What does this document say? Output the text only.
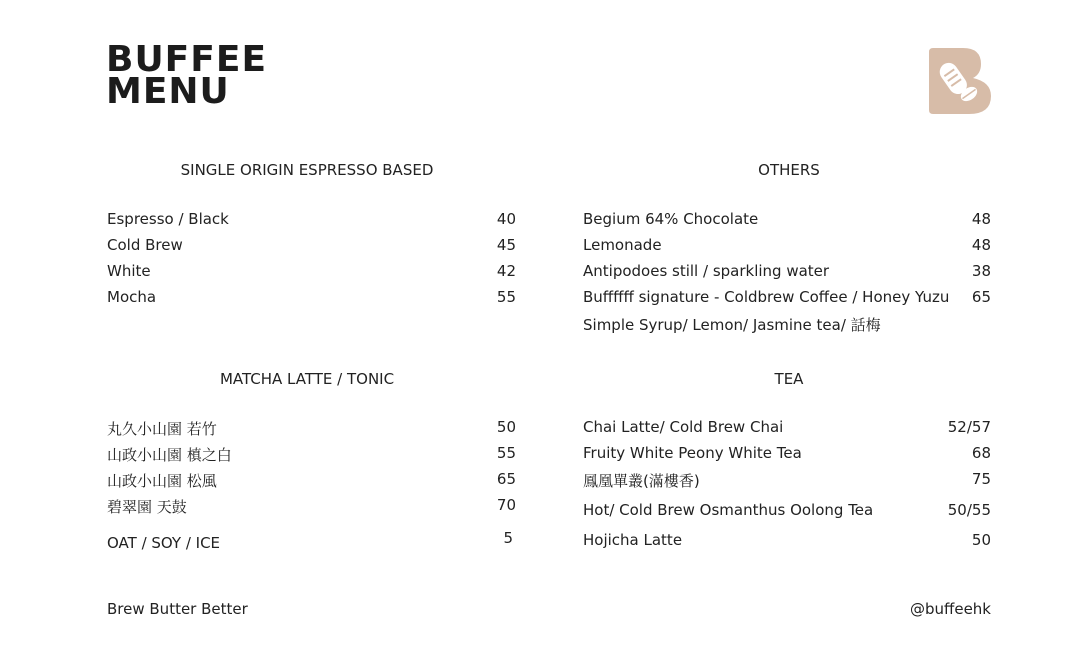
BUFFEE
MENU
SINGLE ORIGIN ESPRESSO BASED
Espresso / Black	40
Cold Brew	45
White	42
Mocha	55
OTHERS
Begium 64% Chocolate	48
Lemonade	48
Antipodoes still / sparkling water	38
Buffffff signature - Coldbrew Coffee / Honey Yuzu	65
Simple Syrup/ Lemon/ Jasmine tea/ 話梅
MATCHA LATTE / TONIC
丸久小山園 若竹	50
山政小山園 槙之白	55
山政小山園 松風	65
碧翠園 天鼓	70
OAT / SOY / ICE	5
TEA
Chai Latte/ Cold Brew Chai	52/57
Fruity White Peony White Tea	68
鳳凰單叢(滿樓香)	75
Hot/ Cold Brew Osmanthus Oolong Tea	50/55
Hojicha Latte	50
Brew Butter Better	@buffeehk
